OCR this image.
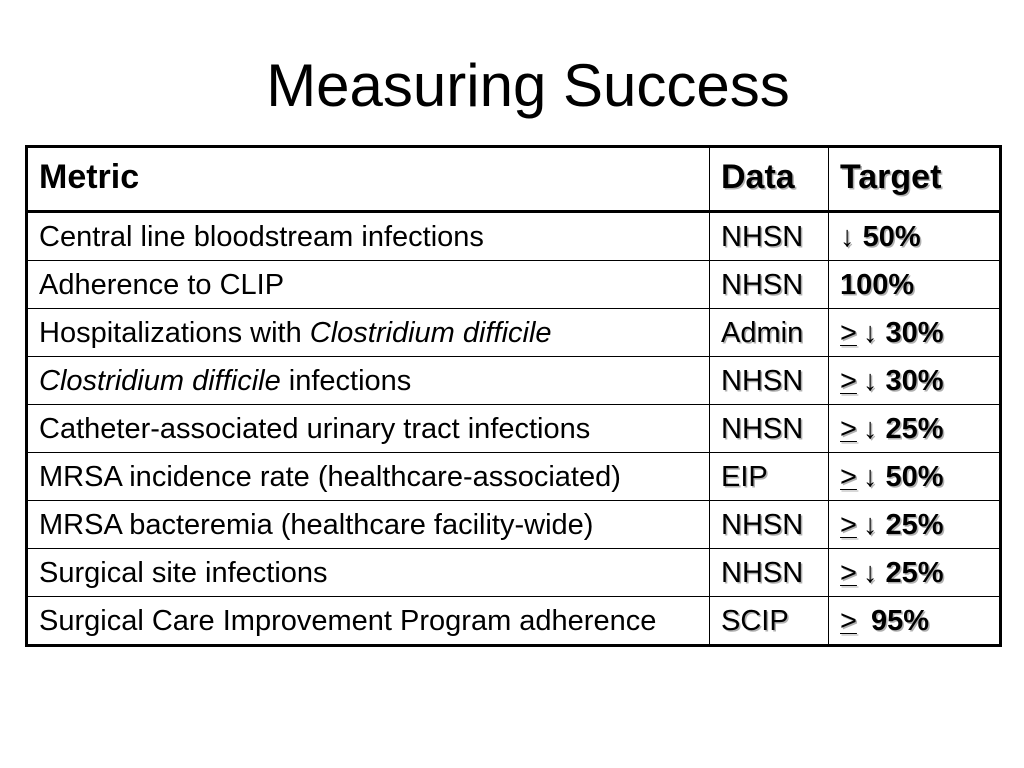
Measuring Success
Metric	Data	Target
Central line bloodstream infections	NHSN	↓ 50%
Adherence to CLIP	NHSN	100%
Hospitalizations with Clostridium difficile	Admin	> ↓ 30%
Clostridium difficile infections	NHSN	> ↓ 30%
Catheter-associated urinary tract infections	NHSN	> ↓ 25%
MRSA incidence rate (healthcare-associated)	EIP	> ↓ 50%
MRSA bacteremia (healthcare facility-wide)	NHSN	> ↓ 25%
Surgical site infections	NHSN	> ↓ 25%
Surgical Care Improvement Program adherence	SCIP	≥ 95%
